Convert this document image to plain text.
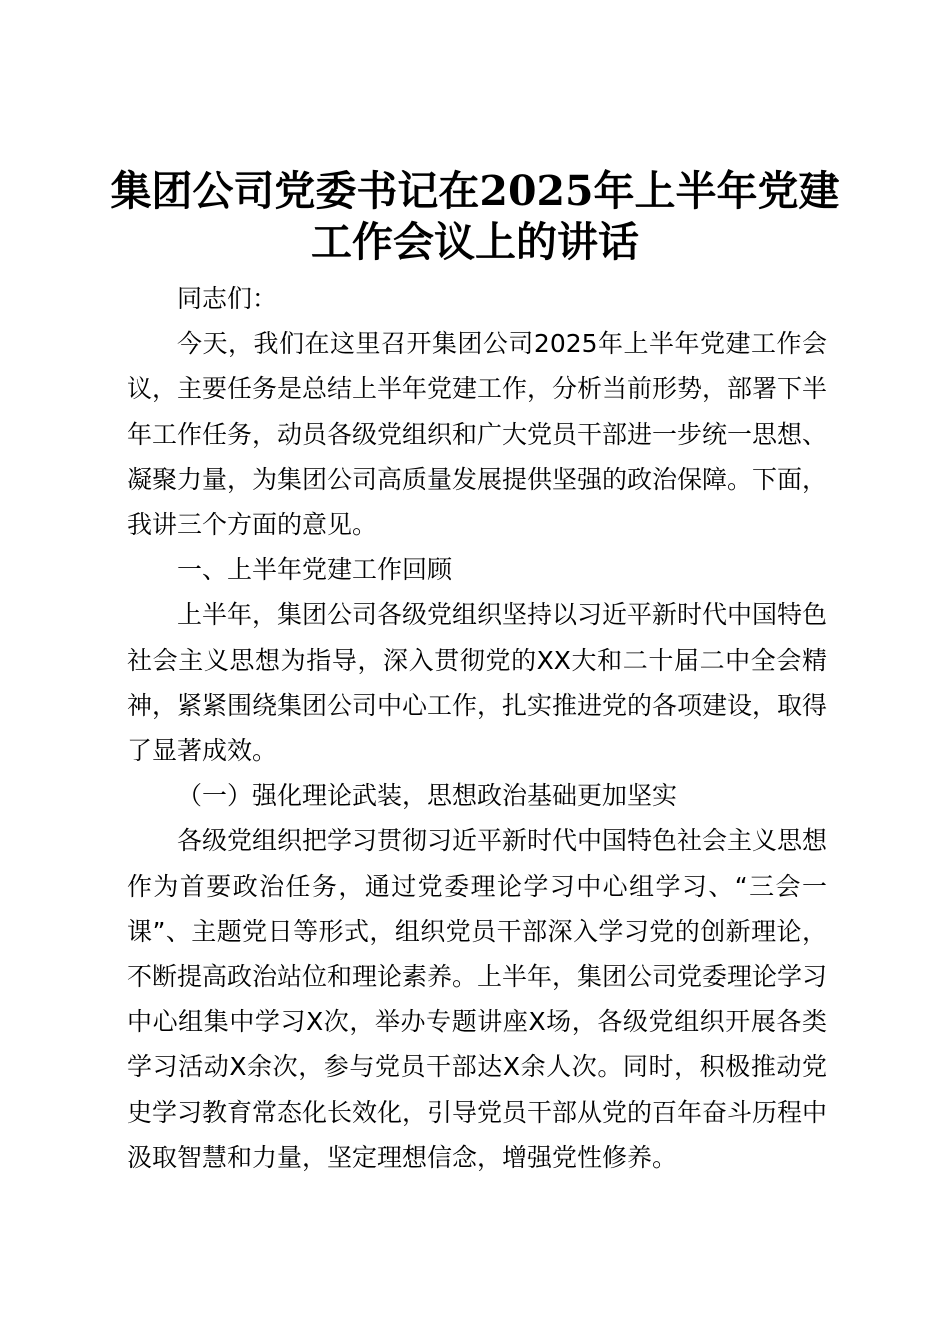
集团公司党委书记在2025年上半年党建工作会议上的讲话

同志们：

今天，我们在这里召开集团公司2025年上半年党建工作会议，主要任务是总结上半年党建工作，分析当前形势，部署下半年工作任务，动员各级党组织和广大党员干部进一步统一思想、凝聚力量，为集团公司高质量发展提供坚强的政治保障。下面，我讲三个方面的意见。

一、上半年党建工作回顾

上半年，集团公司各级党组织坚持以习近平新时代中国特色社会主义思想为指导，深入贯彻党的XX大和二十届二中全会精神，紧紧围绕集团公司中心工作，扎实推进党的各项建设，取得了显著成效。

（一）强化理论武装，思想政治基础更加坚实

各级党组织把学习贯彻习近平新时代中国特色社会主义思想作为首要政治任务，通过党委理论学习中心组学习、“三会一课”、主题党日等形式，组织党员干部深入学习党的创新理论，不断提高政治站位和理论素养。上半年，集团公司党委理论学习中心组集中学习X次，举办专题讲座X场，各级党组织开展各类学习活动X余次，参与党员干部达X余人次。同时，积极推动党史学习教育常态化长效化，引导党员干部从党的百年奋斗历程中汲取智慧和力量，坚定理想信念，增强党性修养。
